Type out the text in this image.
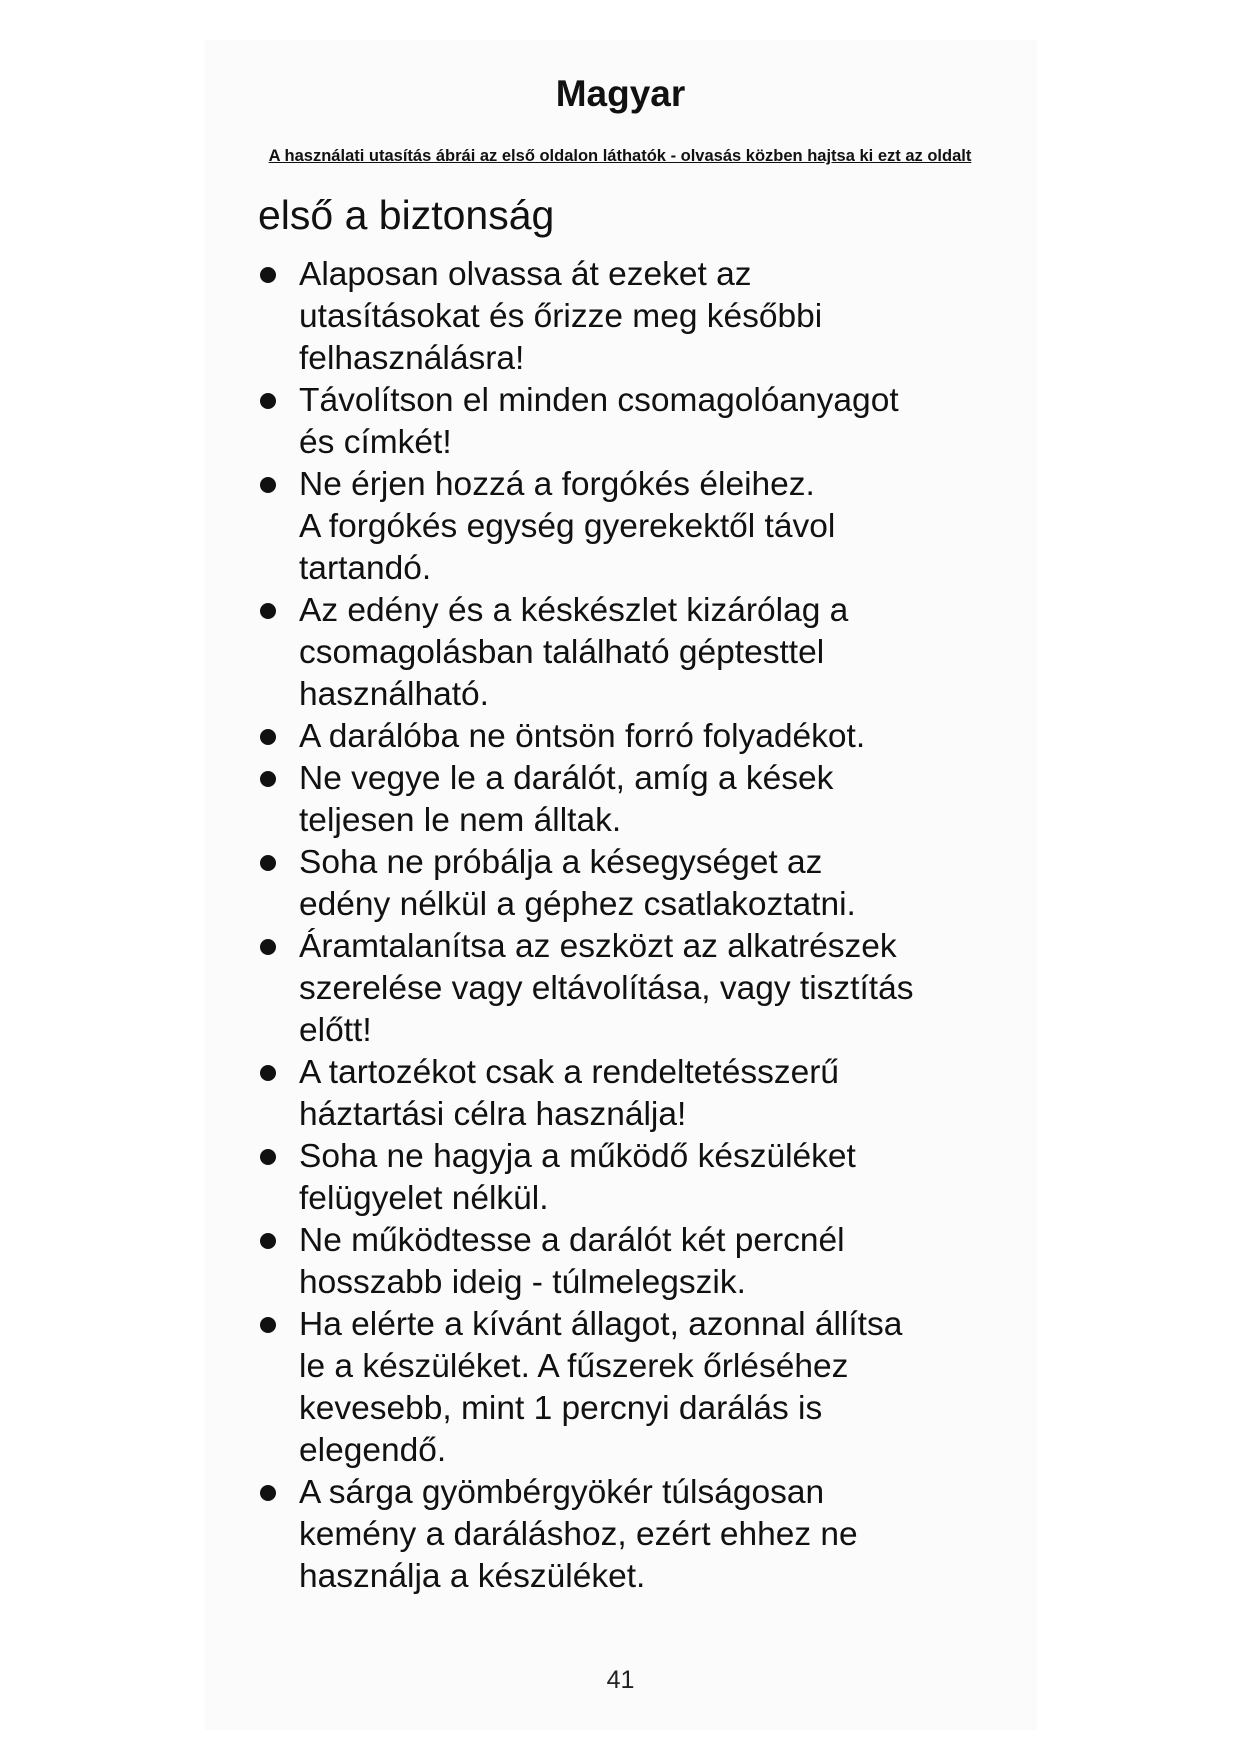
Magyar
A használati utasítás ábrái az első oldalon láthatók - olvasás közben hajtsa ki ezt az oldalt
első a biztonság
Alaposan olvassa át ezeket az
utasításokat és őrizze meg későbbi
felhasználásra!
Távolítson el minden csomagolóanyagot
és címkét!
Ne érjen hozzá a forgókés éleihez.
A forgókés egység gyerekektől távol
tartandó.
Az edény és a késkészlet kizárólag a
csomagolásban található géptesttel
használható.
A darálóba ne öntsön forró folyadékot.
Ne vegye le a darálót, amíg a kések
teljesen le nem álltak.
Soha ne próbálja a késegységet az
edény nélkül a géphez csatlakoztatni.
Áramtalanítsa az eszközt az alkatrészek
szerelése vagy eltávolítása, vagy tisztítás
előtt!
A tartozékot csak a rendeltetésszerű
háztartási célra használja!
Soha ne hagyja a működő készüléket
felügyelet nélkül.
Ne működtesse a darálót két percnél
hosszabb ideig - túlmelegszik.
Ha elérte a kívánt állagot, azonnal állítsa
le a készüléket. A fűszerek őrléséhez
kevesebb, mint 1 percnyi darálás is
elegendő.
A sárga gyömbérgyökér túlságosan
kemény a daráláshoz, ezért ehhez ne
használja a készüléket.
41
